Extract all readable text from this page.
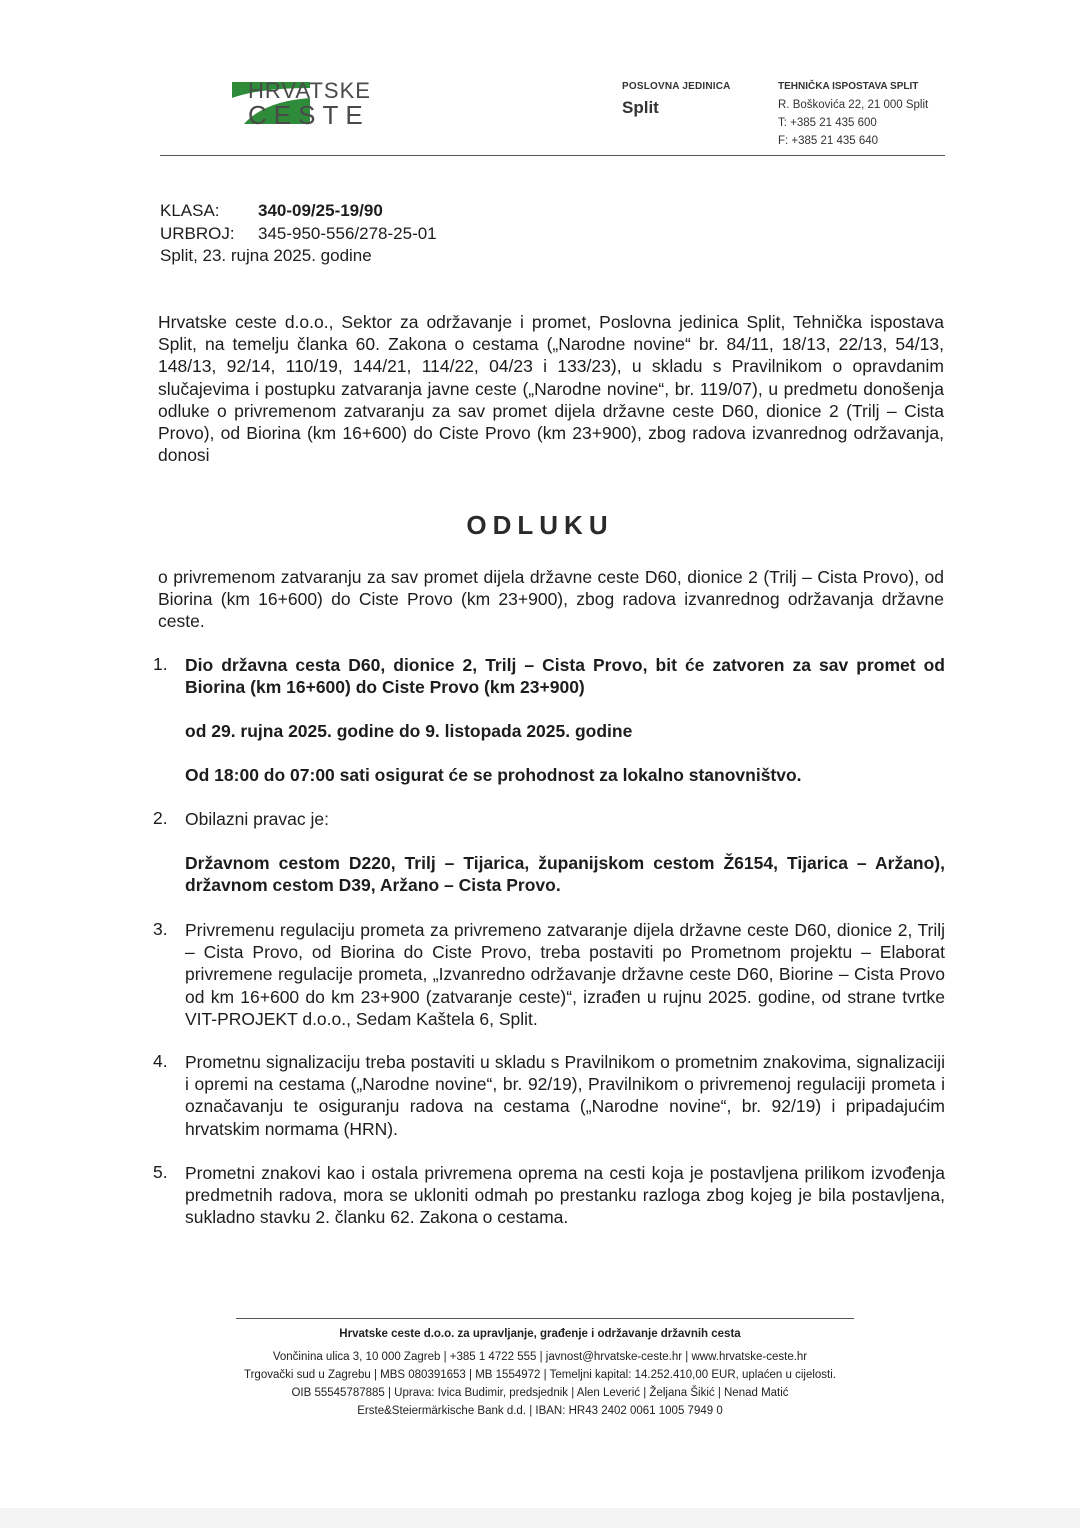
HRVATSKE
CESTE
POSLOVNA JEDINICA
Split
TEHNIČKA ISPOSTAVA SPLIT
R. Boškovića 22, 21 000 Split
T: +385 21 435 600
F: +385 21 435 640
KLASA: 340-09/25-19/90
URBROJ: 345-950-556/278-25-01
Split, 23. rujna 2025. godine
Hrvatske ceste d.o.o., Sektor za održavanje i promet, Poslovna jedinica Split, Tehnička ispostava Split, na temelju članka 60. Zakona o cestama („Narodne novine“ br. 84/11, 18/13, 22/13, 54/13, 148/13, 92/14, 110/19, 144/21, 114/22, 04/23 i 133/23), u skladu s Pravilnikom o opravdanim slučajevima i postupku zatvaranja javne ceste („Narodne novine“, br. 119/07), u predmetu donošenja odluke o privremenom zatvaranju za sav promet dijela državne ceste D60, dionice 2 (Trilj – Cista Provo), od Biorina (km 16+600) do Ciste Provo (km 23+900), zbog radova izvanrednog održavanja, donosi
ODLUKU
o privremenom zatvaranju za sav promet dijela državne ceste D60, dionice 2 (Trilj – Cista Provo), od Biorina (km 16+600) do Ciste Provo (km 23+900), zbog radova izvanrednog održavanja državne ceste.
1. Dio državna cesta D60, dionice 2, Trilj – Cista Provo, bit će zatvoren za sav promet od Biorina (km 16+600) do Ciste Provo (km 23+900)
od 29. rujna 2025. godine do 9. listopada 2025. godine
Od 18:00 do 07:00 sati osigurat će se prohodnost za lokalno stanovništvo.
2. Obilazni pravac je:
Državnom cestom D220, Trilj – Tijarica, županijskom cestom Ž6154, Tijarica – Aržano), državnom cestom D39, Aržano – Cista Provo.
3. Privremenu regulaciju prometa za privremeno zatvaranje dijela državne ceste D60, dionice 2, Trilj – Cista Provo, od Biorina do Ciste Provo, treba postaviti po Prometnom projektu – Elaborat privremene regulacije prometa, „Izvanredno održavanje državne ceste D60, Biorine – Cista Provo od km 16+600 do km 23+900 (zatvaranje ceste)“, izrađen u rujnu 2025. godine, od strane tvrtke VIT-PROJEKT d.o.o., Sedam Kaštela 6, Split.
4. Prometnu signalizaciju treba postaviti u skladu s Pravilnikom o prometnim znakovima, signalizaciji i opremi na cestama („Narodne novine“, br. 92/19), Pravilnikom o privremenoj regulaciji prometa i označavanju te osiguranju radova na cestama („Narodne novine“, br. 92/19) i pripadajućim hrvatskim normama (HRN).
5. Prometni znakovi kao i ostala privremena oprema na cesti koja je postavljena prilikom izvođenja predmetnih radova, mora se ukloniti odmah po prestanku razloga zbog kojeg je bila postavljena, sukladno stavku 2. članku 62. Zakona o cestama.
Hrvatske ceste d.o.o. za upravljanje, građenje i održavanje državnih cesta
Vončinina ulica 3, 10 000 Zagreb | +385 1 4722 555 | javnost@hrvatske-ceste.hr | www.hrvatske-ceste.hr
Trgovački sud u Zagrebu | MBS 080391653 | MB 1554972 | Temeljni kapital: 14.252.410,00 EUR, uplaćen u cijelosti.
OIB 55545787885 | Uprava: Ivica Budimir, predsjednik | Alen Leverić | Željana Šikić | Nenad Matić
Erste&Steiermärkische Bank d.d. | IBAN: HR43 2402 0061 1005 7949 0
